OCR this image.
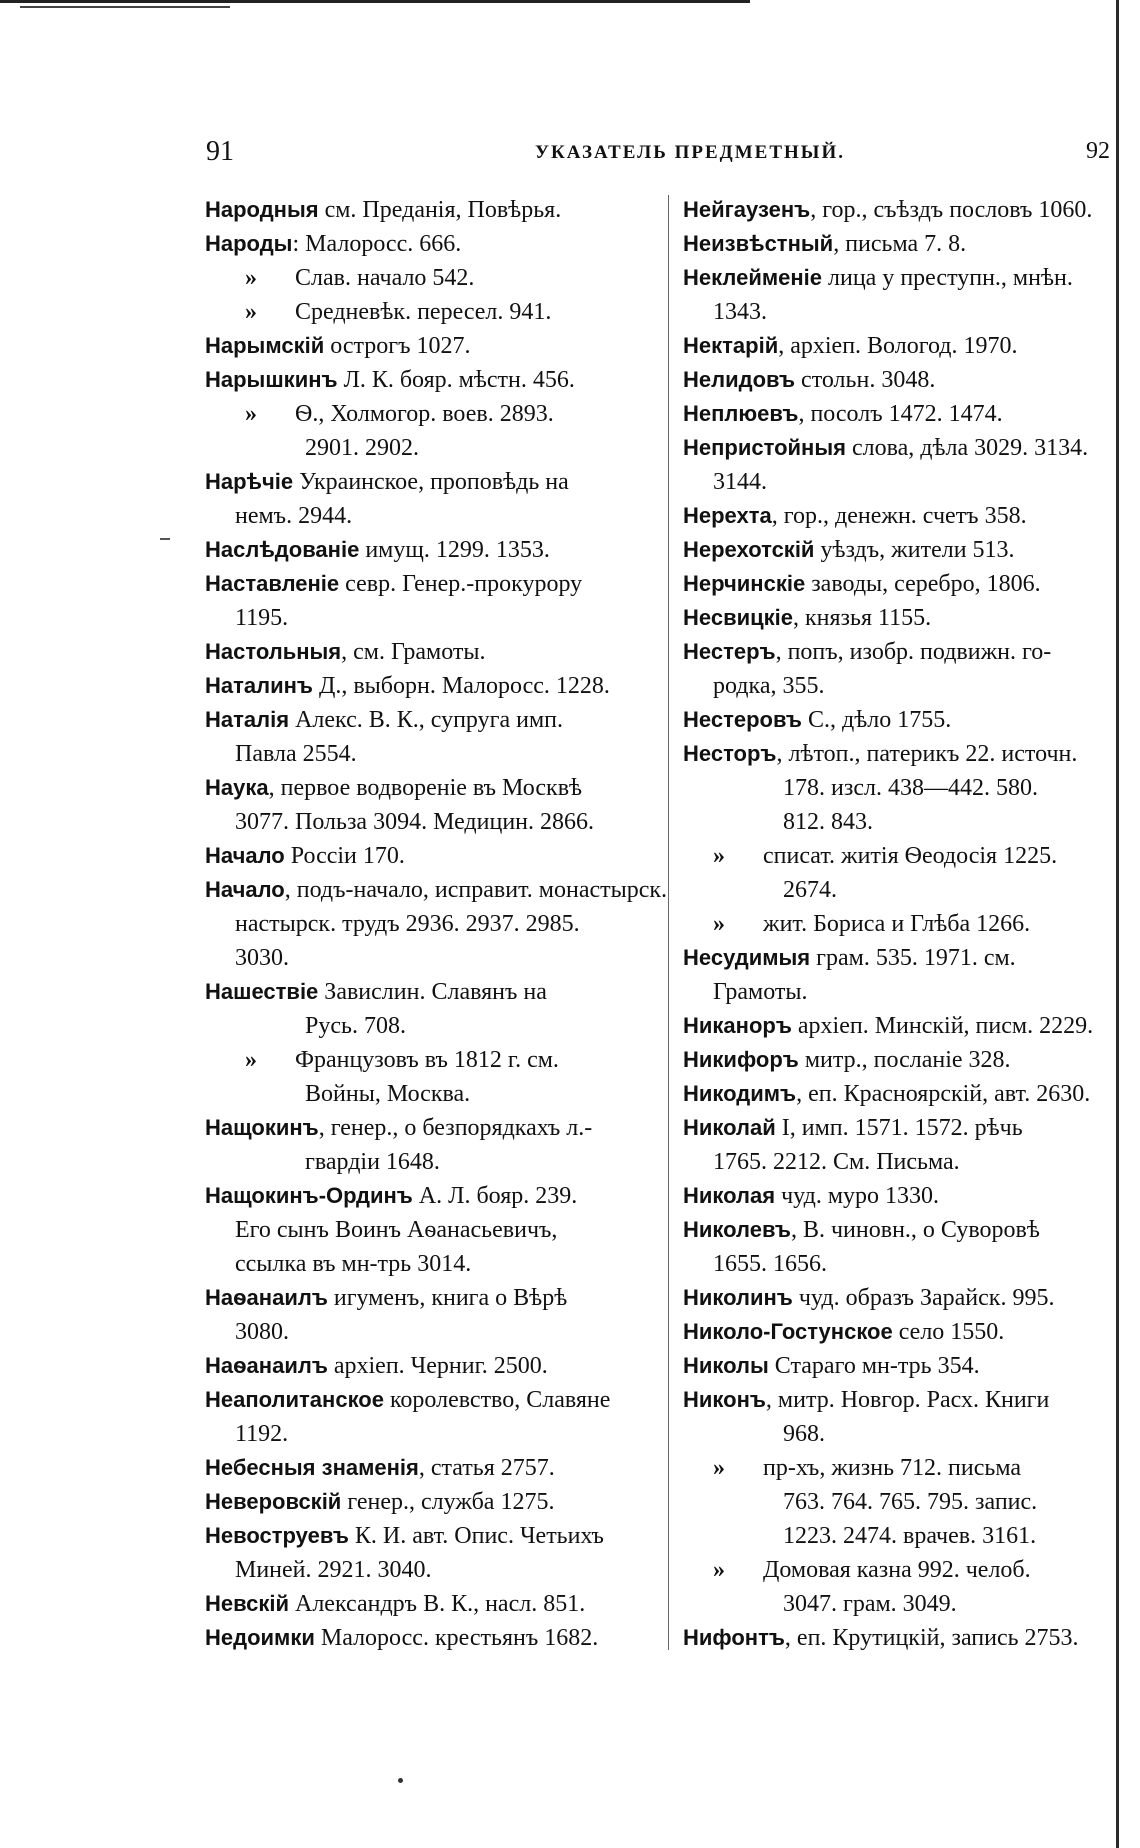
91	УКАЗАТЕЛЬ ПРЕДМЕТНЫЙ.	92
Народныя см. Преданія, Повѣрья.
Народы: Малоросс. 666.
» Слав. начало 542.
» Средневѣк. пересел. 941.
Нарымскій острогъ 1027.
Нарышкинъ Л. К. бояр. мѣстн. 456.
» Ѳ., Холмогор. воев. 2893.
2901. 2902.
Нарѣчіе Украинское, проповѣдь на
немъ. 2944.
Наслѣдованіе имущ. 1299. 1353.
Наставленіе севр. Генер.-прокурору
1195.
Настольныя, см. Грамоты.
Наталинъ Д., выборн. Малоросс. 1228.
Наталія Алекс. В. К., супруга имп.
Павла 2554.
Наука, первое водвореніе въ Москвѣ
3077. Польза 3094. Медицин. 2866.
Начало Россіи 170.
Начало, подъ-начало, исправит. монастырск.
настырск. трудъ 2936. 2937. 2985.
3030.
Нашествіе Завислин. Славянъ на
Русь. 708.
» Французовъ въ 1812 г. см.
Войны, Москва.
Нащокинъ, генер., о безпорядкахъ л.-
гвардіи 1648.
Нащокинъ-Ординъ А. Л. бояр. 239.
Его сынъ Воинъ Аѳанасьевичъ,
ссылка въ мн-трь 3014.
Наѳанаилъ игуменъ, книга о Вѣрѣ
3080.
Наѳанаилъ архіеп. Черниг. 2500.
Неаполитанское королевство, Славяне
1192.
Небесныя знаменія, статья 2757.
Неверовскій генер., служба 1275.
Невоструевъ К. И. авт. Опис. Четьихъ
Миней. 2921. 3040.
Невскій Александръ В. К., насл. 851.
Недоимки Малоросс. крестьянъ 1682.
Нейгаузенъ, гор., съѣздъ пословъ 1060.
Неизвѣстный, письма 7. 8.
Неклейменіе лица у преступн., мнѣн.
1343.
Нектарій, архіеп. Вологод. 1970.
Нелидовъ стольн. 3048.
Неплюевъ, посолъ 1472. 1474.
Непристойныя слова, дѣла 3029. 3134.
3144.
Нерехта, гор., денежн. счетъ 358.
Нерехотскій уѣздъ, жители 513.
Нерчинскіе заводы, серебро, 1806.
Несвицкіе, князья 1155.
Нестеръ, попъ, изобр. подвижн. го-
родка, 355.
Нестеровъ С., дѣло 1755.
Несторъ, лѣтоп., патерикъ 22. источн.
178. изсл. 438—442. 580.
812. 843.
» списат. житія Ѳеодосія 1225.
2674.
» жит. Бориса и Глѣба 1266.
Несудимыя грам. 535. 1971. см.
Грамоты.
Никаноръ архіеп. Минскій, писм. 2229.
Никифоръ митр., посланіе 328.
Никодимъ, еп. Красноярскій, авт. 2630.
Николай I, имп. 1571. 1572. рѣчь
1765. 2212. См. Письма.
Николая чуд. муро 1330.
Николевъ, В. чиновн., о Суворовѣ
1655. 1656.
Николинъ чуд. образъ Зарайск. 995.
Николо-Гостунское село 1550.
Николы Стараго мн-трь 354.
Никонъ, митр. Новгор. Расх. Книги
968.
» пр-хъ, жизнь 712. письма
763. 764. 765. 795. запис.
1223. 2474. врачев. 3161.
» Домовая казна 992. челоб.
3047. грам. 3049.
Нифонтъ, еп. Крутицкій, запись 2753.
